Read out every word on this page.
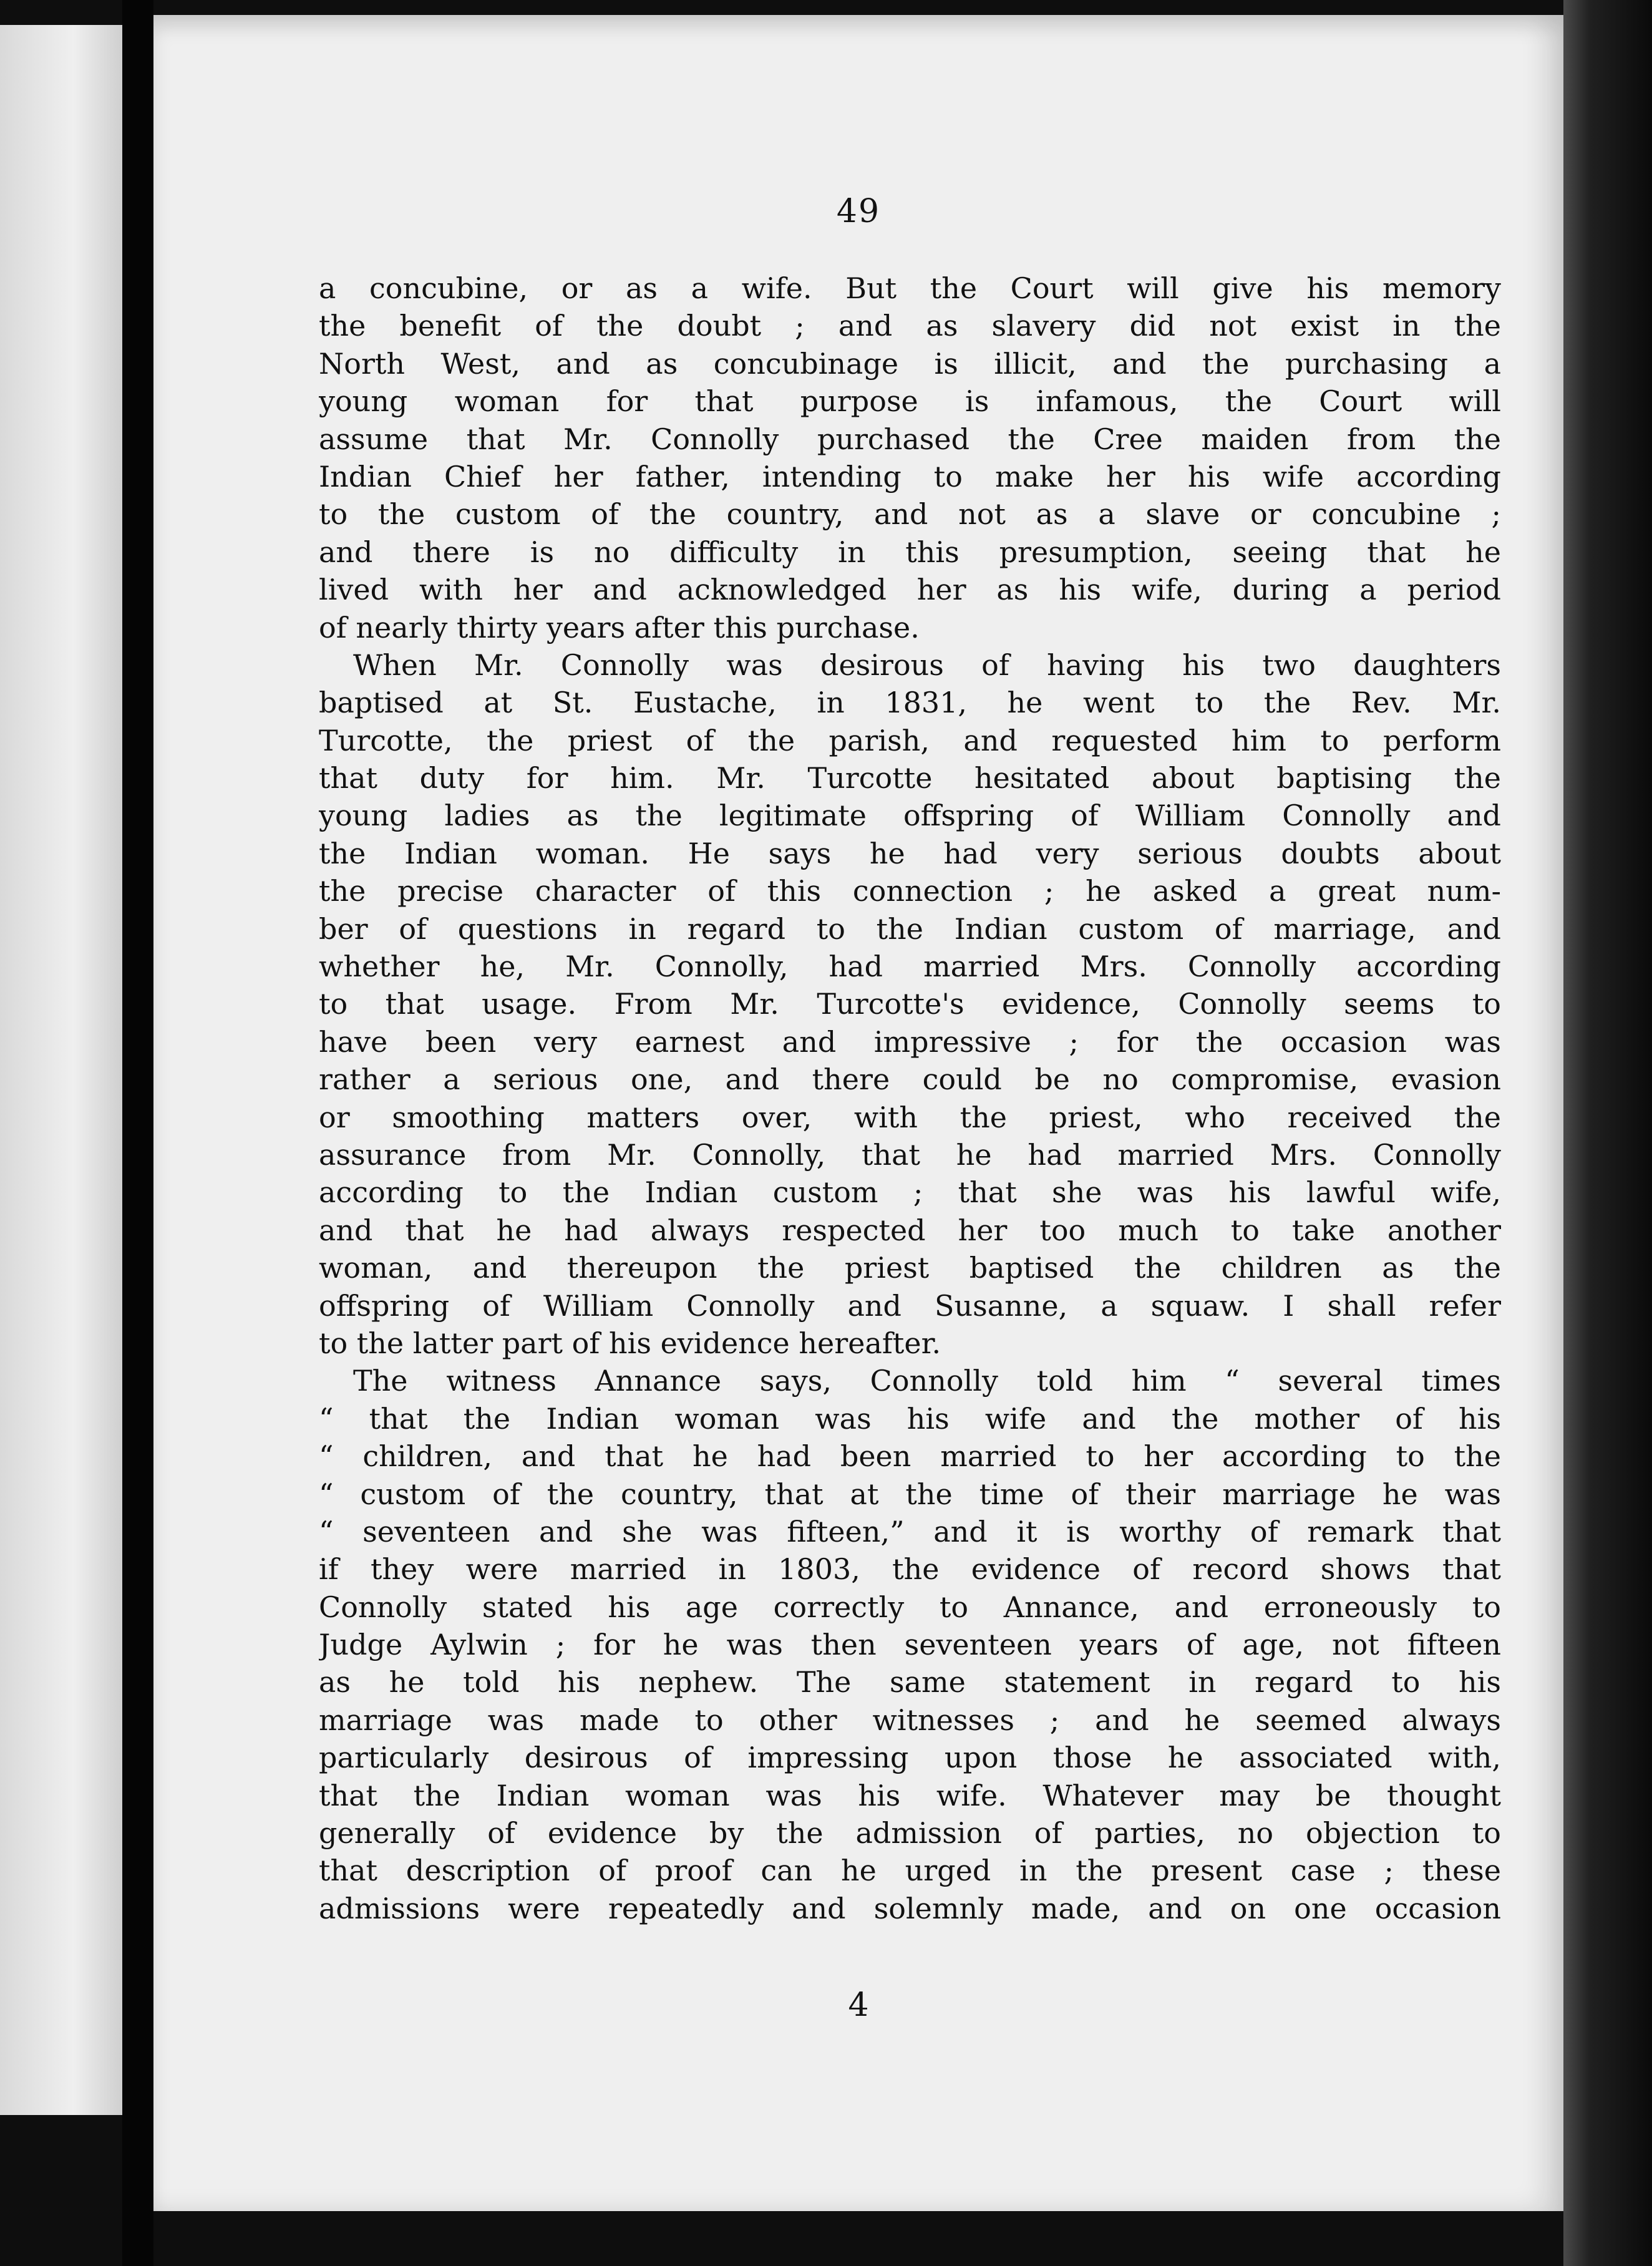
49
a concubine, or as a wife. But the Court will give his memory
the benefit of the doubt ; and as slavery did not exist in the
North West, and as concubinage is illicit, and the purchasing a
young woman for that purpose is infamous, the Court will
assume that Mr. Connolly purchased the Cree maiden from the
Indian Chief her father, intending to make her his wife according
to the custom of the country, and not as a slave or concubine ;
and there is no difficulty in this presumption, seeing that he
lived with her and acknowledged her as his wife, during a period
of nearly thirty years after this purchase.
When Mr. Connolly was desirous of having his two daughters
baptised at St. Eustache, in 1831, he went to the Rev. Mr.
Turcotte, the priest of the parish, and requested him to perform
that duty for him. Mr. Turcotte hesitated about baptising the
young ladies as the legitimate offspring of William Connolly and
the Indian woman. He says he had very serious doubts about
the precise character of this connection ; he asked a great num-
ber of questions in regard to the Indian custom of marriage, and
whether he, Mr. Connolly, had married Mrs. Connolly according
to that usage. From Mr. Turcotte's evidence, Connolly seems to
have been very earnest and impressive ; for the occasion was
rather a serious one, and there could be no compromise, evasion
or smoothing matters over, with the priest, who received the
assurance from Mr. Connolly, that he had married Mrs. Connolly
according to the Indian custom ; that she was his lawful wife,
and that he had always respected her too much to take another
woman, and thereupon the priest baptised the children as the
offspring of William Connolly and Susanne, a squaw. I shall refer
to the latter part of his evidence hereafter.
The witness Annance says, Connolly told him “ several times
“ that the Indian woman was his wife and the mother of his
“ children, and that he had been married to her according to the
“ custom of the country, that at the time of their marriage he was
“ seventeen and she was fifteen,” and it is worthy of remark that
if they were married in 1803, the evidence of record shows that
Connolly stated his age correctly to Annance, and erroneously to
Judge Aylwin ; for he was then seventeen years of age, not fifteen
as he told his nephew. The same statement in regard to his
marriage was made to other witnesses ; and he seemed always
particularly desirous of impressing upon those he associated with,
that the Indian woman was his wife. Whatever may be thought
generally of evidence by the admission of parties, no objection to
that description of proof can he urged in the present case ; these
admissions were repeatedly and solemnly made, and on one occasion
4
